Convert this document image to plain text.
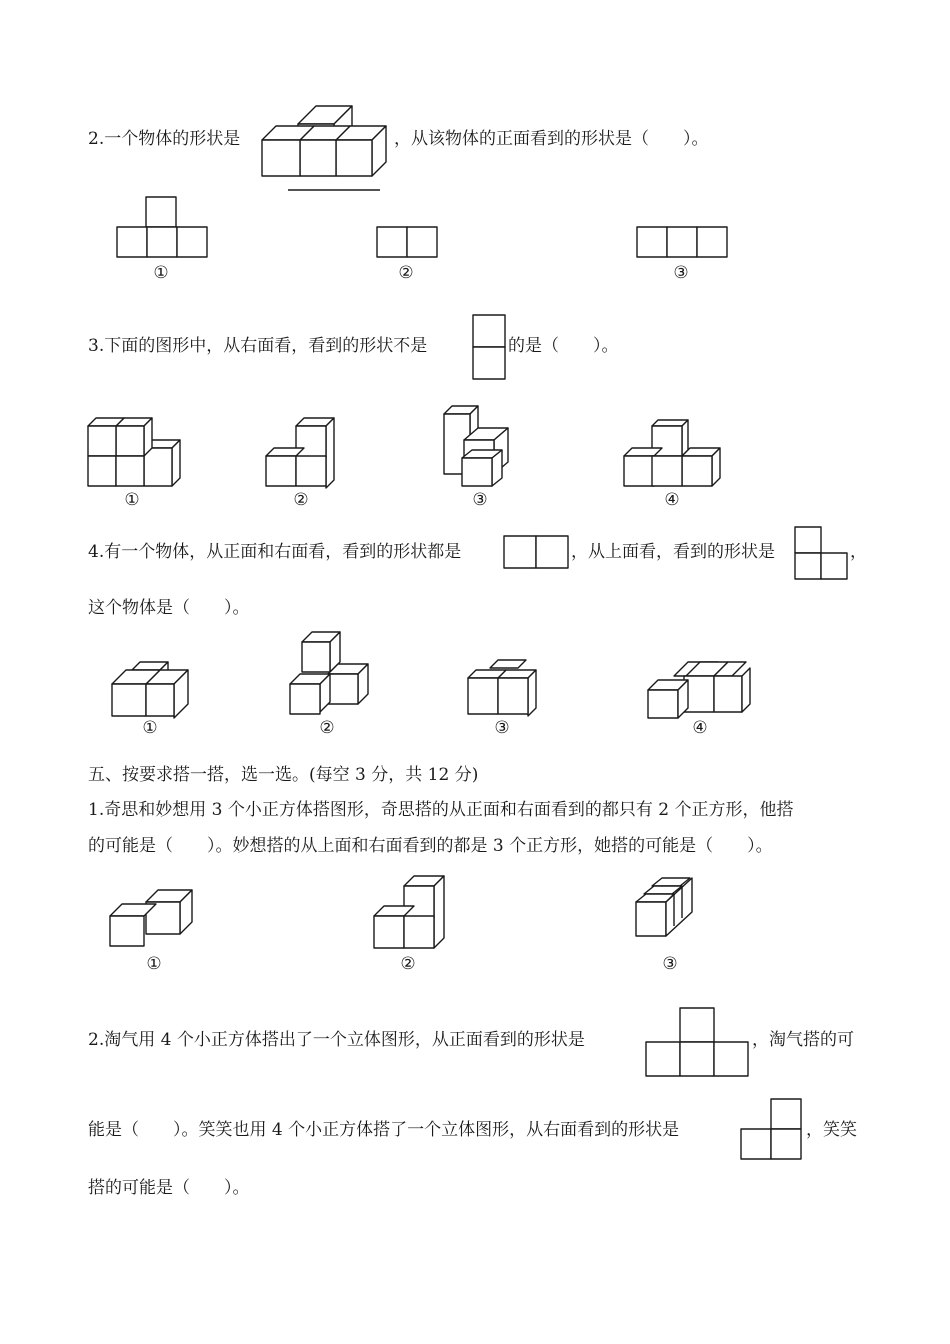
2.一个物体的形状是	，从该物体的正面看到的形状是（　　）。
①	②	③
3.下面的图形中，从右面看，看到的形状不是	的是（　　）。
①	②	③	④
4.有一个物体，从正面和右面看，看到的形状都是	，从上面看，看到的形状是	，
这个物体是（　　）。
①	②	③	④
五、按要求搭一搭，选一选。(每空 3 分，共 12 分)
1.奇思和妙想用 3 个小正方体搭图形，奇思搭的从正面和右面看到的都只有 2 个正方形，他搭
的可能是（　　）。妙想搭的从上面和右面看到的都是 3 个正方形，她搭的可能是（　　）。
①	②	③
2.淘气用 4 个小正方体搭出了一个立体图形，从正面看到的形状是	，淘气搭的可
能是（　　）。笑笑也用 4 个小正方体搭了一个立体图形，从右面看到的形状是	，笑笑
搭的可能是（　　）。
